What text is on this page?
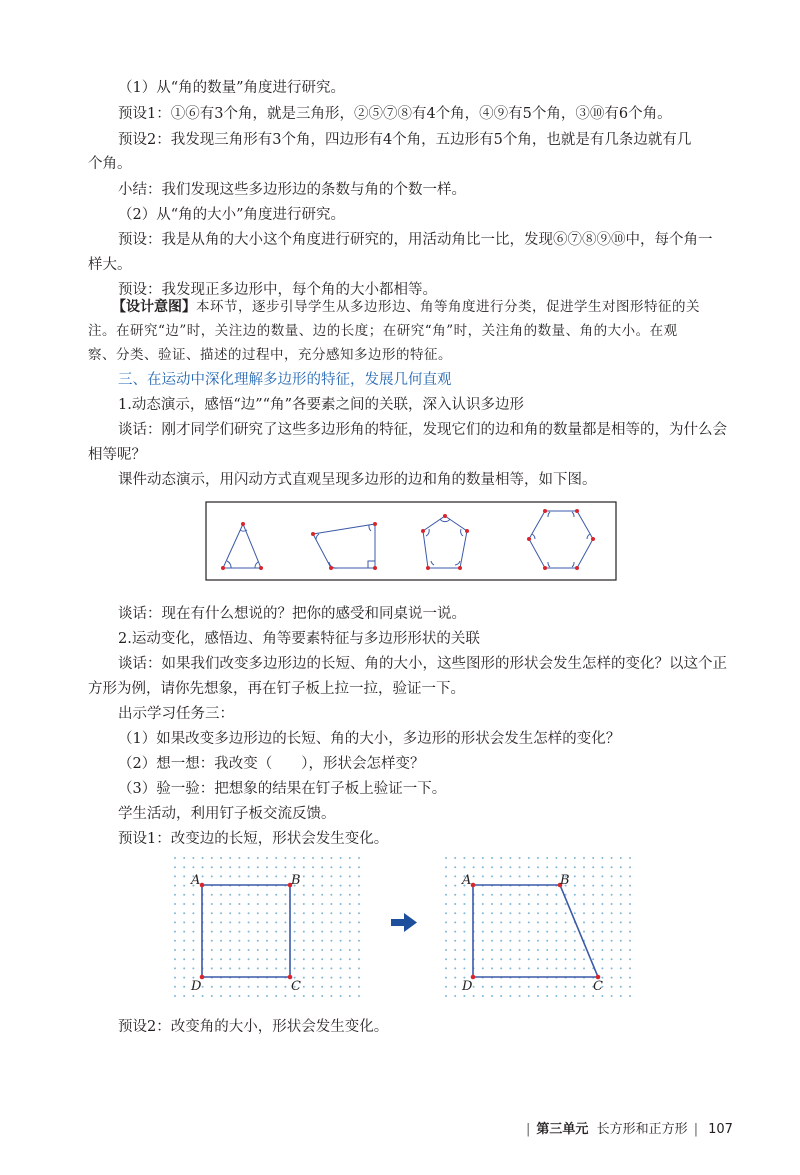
（1）从“角的数量”角度进行研究。
预设1：①⑥有3个角，就是三角形，②⑤⑦⑧有4个角，④⑨有5个角，③⑩有6个角。
预设2：我发现三角形有3个角，四边形有4个角，五边形有5个角，也就是有几条边就有几
个角。
小结：我们发现这些多边形边的条数与角的个数一样。
（2）从“角的大小”角度进行研究。
预设：我是从角的大小这个角度进行研究的，用活动角比一比，发现⑥⑦⑧⑨⑩中，每个角一
样大。
预设：我发现正多边形中，每个角的大小都相等。
【设计意图】本环节，逐步引导学生从多边形边、角等角度进行分类，促进学生对图形特征的关
注。在研究“边”时，关注边的数量、边的长度；在研究“角”时，关注角的数量、角的大小。在观
察、分类、验证、描述的过程中，充分感知多边形的特征。
三、在运动中深化理解多边形的特征，发展几何直观
1.动态演示，感悟“边”“角”各要素之间的关联，深入认识多边形
谈话：刚才同学们研究了这些多边形角的特征，发现它们的边和角的数量都是相等的，为什么会
相等呢？
课件动态演示，用闪动方式直观呈现多边形的边和角的数量相等，如下图。
谈话：现在有什么想说的？把你的感受和同桌说一说。
2.运动变化，感悟边、角等要素特征与多边形形状的关联
谈话：如果我们改变多边形边的长短、角的大小，这些图形的形状会发生怎样的变化？以这个正
方形为例，请你先想象，再在钉子板上拉一拉，验证一下。
出示学习任务三：
（1）如果改变多边形边的长短、角的大小，多边形的形状会发生怎样的变化？
（2）想一想：我改变（　　），形状会怎样变？
（3）验一验：把想象的结果在钉子板上验证一下。
学生活动，利用钉子板交流反馈。
预设1：改变边的长短，形状会发生变化。
A	B
C
D
A	B
C
D
预设2：改变角的大小，形状会发生变化。
| 第三单元 长方形和正方形 | 107
